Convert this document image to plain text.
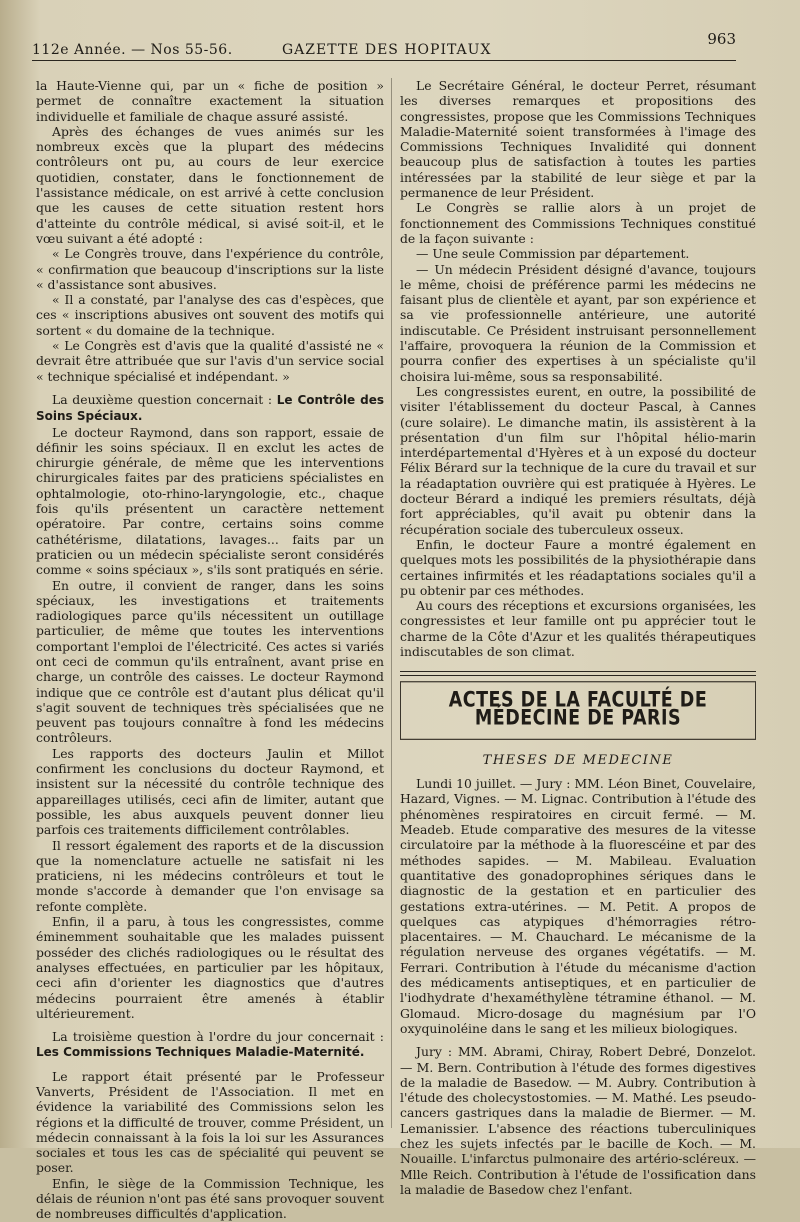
112e Année. — Nos 55-56.	GAZETTE DES HOPITAUX
963

la Haute-Vienne qui, par un « fiche de position » permet de connaître exactement la situation individuelle et familiale de chaque assuré assisté.

Après des échanges de vues animés sur les nombreux excès que la plupart des médecins contrôleurs ont pu, au cours de leur exercice quotidien, constater, dans le fonctionnement de l'assistance médicale, on est arrivé à cette conclusion que les causes de cette situation restent hors d'atteinte du contrôle médical, si avisé soit-il, et le vœu suivant a été adopté :

« Le Congrès trouve, dans l'expérience du contrôle, « confirmation que beaucoup d'inscriptions sur la liste « d'assistance sont abusives.

« Il a constaté, par l'analyse des cas d'espèces, que ces « inscriptions abusives ont souvent des motifs qui sortent « du domaine de la technique.

« Le Congrès est d'avis que la qualité d'assisté ne « devrait être attribuée que sur l'avis d'un service social « technique spécialisé et indépendant. »

La deuxième question concernait : Le Contrôle des Soins Spéciaux.

Le docteur Raymond, dans son rapport, essaie de définir les soins spéciaux. Il en exclut les actes de chirurgie générale, de même que les interventions chirurgicales faites par des praticiens spécialistes en ophtalmologie, oto-rhino-laryngologie, etc., chaque fois qu'ils présentent un caractère nettement opératoire. Par contre, certains soins comme cathétérisme, dilatations, lavages... faits par un praticien ou un médecin spécialiste seront considérés comme « soins spéciaux », s'ils sont pratiqués en série.

En outre, il convient de ranger, dans les soins spéciaux, les investigations et traitements radiologiques parce qu'ils nécessitent un outillage particulier, de même que toutes les interventions comportant l'emploi de l'électricité. Ces actes si variés ont ceci de commun qu'ils entraînent, avant prise en charge, un contrôle des caisses. Le docteur Raymond indique que ce contrôle est d'autant plus délicat qu'il s'agit souvent de techniques très spécialisées que ne peuvent pas toujours connaître à fond les médecins contrôleurs.

Les rapports des docteurs Jaulin et Millot confirment les conclusions du docteur Raymond, et insistent sur la nécessité du contrôle technique des appareillages utilisés, ceci afin de limiter, autant que possible, les abus auxquels peuvent donner lieu parfois ces traitements difficilement contrôlables.

Il ressort également des raports et de la discussion que la nomenclature actuelle ne satisfait ni les praticiens, ni les médecins contrôleurs et tout le monde s'accorde à demander que l'on envisage sa refonte complète.

Enfin, il a paru, à tous les congressistes, comme éminemment souhaitable que les malades puissent posséder des clichés radiologiques ou le résultat des analyses effectuées, en particulier par les hôpitaux, ceci afin d'orienter les diagnostics que d'autres médecins pourraient être amenés à établir ultérieurement.

La troisième question à l'ordre du jour concernait : Les Commissions Techniques Maladie-Maternité.

Le rapport était présenté par le Professeur Vanverts, Président de l'Association. Il met en évidence la variabilité des Commissions selon les régions et la difficulté de trouver, comme Président, un médecin connaissant à la fois la loi sur les Assurances sociales et tous les cas de spécialité qui peuvent se poser.

Enfin, le siège de la Commission Technique, les délais de réunion n'ont pas été sans provoquer souvent de nombreuses difficultés d'application.

Le Secrétaire Général, le docteur Perret, résumant les diverses remarques et propositions des congressistes, propose que les Commissions Techniques Maladie-Maternité soient transformées à l'image des Commissions Techniques Invalidité qui donnent beaucoup plus de satisfaction à toutes les parties intéressées par la stabilité de leur siège et par la permanence de leur Président.

Le Congrès se rallie alors à un projet de fonctionnement des Commissions Techniques constitué de la façon suivante :

— Une seule Commission par département.

— Un médecin Président désigné d'avance, toujours le même, choisi de préférence parmi les médecins ne faisant plus de clientèle et ayant, par son expérience et sa vie professionnelle antérieure, une autorité indiscutable. Ce Président instruisant personnellement l'affaire, provoquera la réunion de la Commission et pourra confier des expertises à un spécialiste qu'il choisira lui-même, sous sa responsabilité.

Les congressistes eurent, en outre, la possibilité de visiter l'établissement du docteur Pascal, à Cannes (cure solaire). Le dimanche matin, ils assistèrent à la présentation d'un film sur l'hôpital hélio-marin interdépartemental d'Hyères et à un exposé du docteur Félix Bérard sur la technique de la cure du travail et sur la réadaptation ouvrière qui est pratiquée à Hyères. Le docteur Bérard a indiqué les premiers résultats, déjà fort appréciables, qu'il avait pu obtenir dans la récupération sociale des tuberculeux osseux.

Enfin, le docteur Faure a montré également en quelques mots les possibilités de la physiothérapie dans certaines infirmités et les réadaptations sociales qu'il a pu obtenir par ces méthodes.

Au cours des réceptions et excursions organisées, les congressistes et leur famille ont pu apprécier tout le charme de la Côte d'Azur et les qualités thérapeutiques indiscutables de son climat.

ACTES DE LA FACULTÉ DE MÉDECINE DE PARIS
THESES DE MEDECINE

Lundi 10 juillet. — Jury : MM. Léon Binet, Couvelaire, Hazard, Vignes. — M. Lignac. Contribution à l'étude des phénomènes respiratoires en circuit fermé. — M. Meadeb. Etude comparative des mesures de la vitesse circulatoire par la méthode à la fluorescéine et par des méthodes sapides. — M. Mabileau. Evaluation quantitative des gonadoprophines sériques dans le diagnostic de la gestation et en particulier des gestations extra-utérines. — M. Petit. A propos de quelques cas atypiques d'hémorragies rétro-placentaires. — M. Chauchard. Le mécanisme de la régulation nerveuse des organes végétatifs. — M. Ferrari. Contribution à l'étude du mécanisme d'action des médicaments antiseptiques, et en particulier de l'iodhydrate d'hexaméthylène tétramine éthanol. — M. Glomaud. Micro-dosage du magnésium par l'O oxyquinoléine dans le sang et les milieux biologiques.

Jury : MM. Abrami, Chiray, Robert Debré, Donzelot. — M. Bern. Contribution à l'étude des formes digestives de la maladie de Basedow. — M. Aubry. Contribution à l'étude des cholecystostomies. — M. Mathé. Les pseudo-cancers gastriques dans la maladie de Biermer. — M. Lemanissier. L'absence des réactions tuberculiniques chez les sujets infectés par le bacille de Koch. — M. Nouaille. L'infarctus pulmonaire des artério-scléreux. — Mlle Reich. Contribution à l'étude de l'ossification dans la maladie de Basedow chez l'enfant.
